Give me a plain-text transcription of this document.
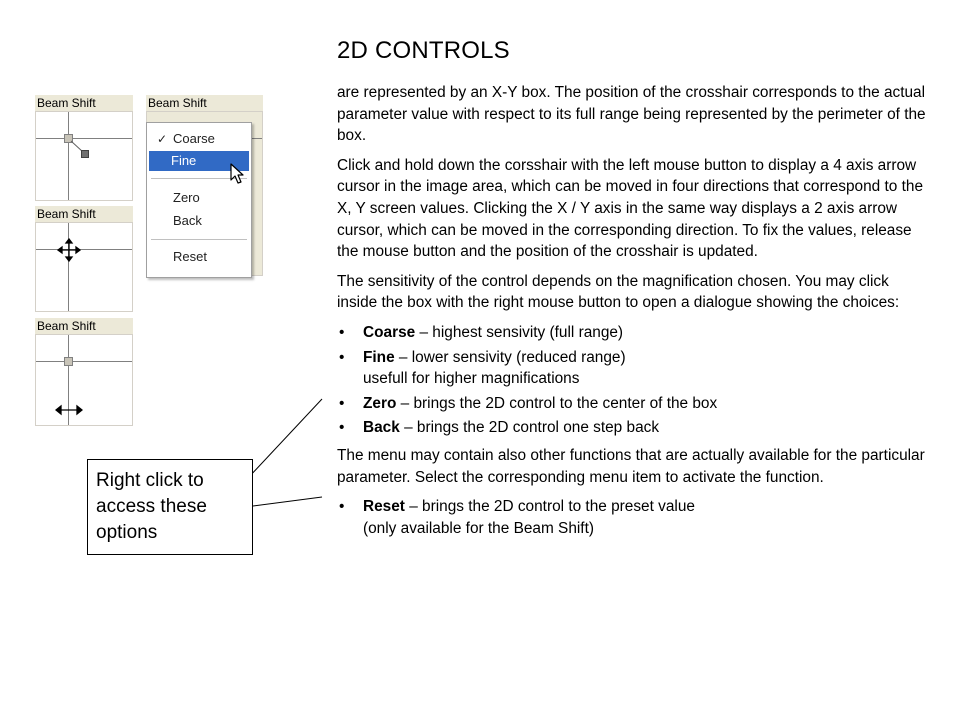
Beam Shift	Beam Shift
✓ Coarse
Fine
Zero
Back
Reset
Beam Shift
Beam Shift
2D CONTROLS

are represented by an X-Y box. The position of the crosshair corresponds to the actual parameter value with respect to its full range being represented by the perimeter of the box.

Click and hold down the corsshair with the left mouse button to display a 4 axis arrow cursor in the image area, which can be moved in four directions that correspond to the X, Y screen values. Clicking the X / Y axis in the same way displays a 2 axis arrow cursor, which can be moved in the corresponding direction. To fix the values, release the mouse button and the position of the crosshair is updated.

The sensitivity of the control depends on the magnification chosen. You may click inside the box with the right mouse button to open a dialogue showing the choices:

• Coarse – highest sensivity (full range)
• Fine – lower sensivity (reduced range)
usefull for higher magnifications
• Zero – brings the 2D control to the center of the box
• Back – brings the 2D control one step back

The menu may contain also other functions that are actually available for the particular parameter. Select the corresponding menu item to activate the function.

• Reset – brings the 2D control to the preset value
(only available for the Beam Shift)
Right click to access these options
